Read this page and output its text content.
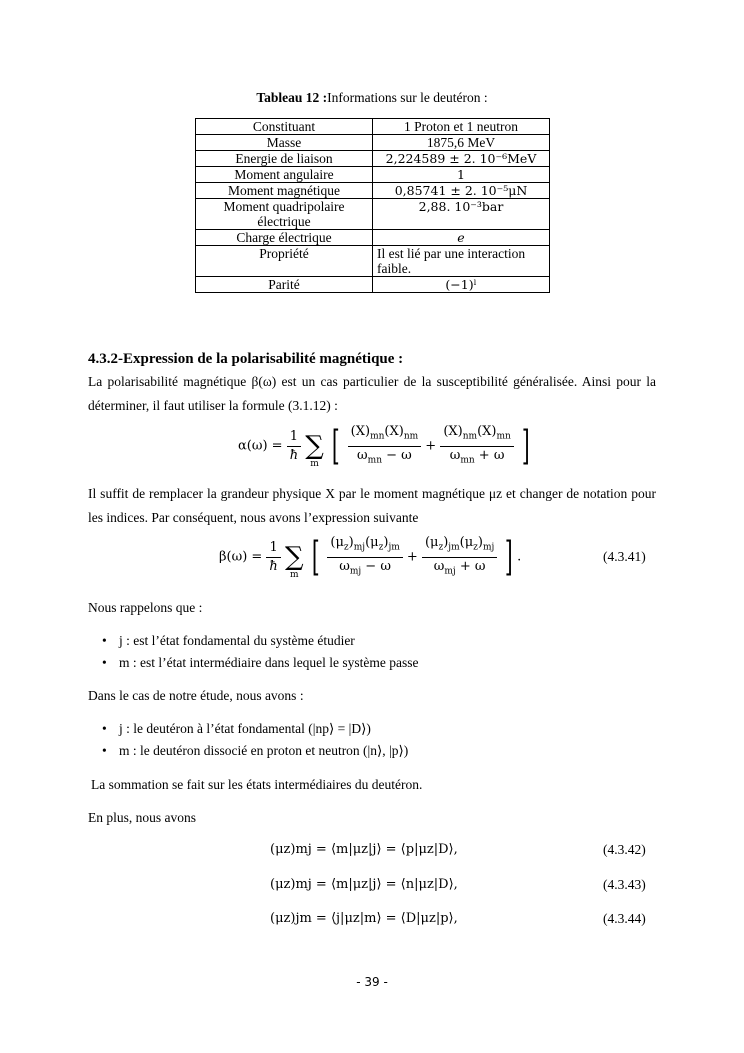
Tableau 12 :Informations sur le deutéron :
Constituant	1 Proton et 1 neutron
Masse	1875,6 MeV
Energie de liaison	2,224589 ± 2. 10⁻⁶MeV
Moment angulaire	1
Moment magnétique	0,85741 ± 2. 10⁻⁵μN
Moment quadripolaire électrique	2,88. 10⁻³bar
Charge électrique	e
Propriété	Il est lié par une interaction faible.
Parité	(−1)ˡ
4.3.2-Expression de la polarisabilité magnétique :
La polarisabilité magnétique β(ω) est un cas particulier de la susceptibilité généralisée. Ainsi pour la déterminer, il faut utiliser la formule (3.1.12) :
$\alpha(\omega) = \frac{1}{ħ}$ ∑
m [ $\frac{(X)_{mn}(X)_{nm}}{\omega_{mn} - \omega} + \frac{(X)_{nm}(X)_{mn}}{\omega_{mn} + \omega}$ ]
Il suffit de remplacer la grandeur physique X par le moment magnétique μz et changer de notation pour les indices. Par conséquent, nous avons l’expression suivante
$\beta(\omega) = \frac{1}{ħ}$ ∑
m [ $\frac{(\mu_z)_{mj}(\mu_z)_{jm}}{\omega_{mj} - \omega} + \frac{(\mu_z)_{jm}(\mu_z)_{mj}}{\omega_{mj} + \omega}$ ] .	(4.3.41)
Nous rappelons que :
• j : est l’état fondamental du système étudier
• m : est l’état intermédiaire dans lequel le système passe
Dans le cas de notre étude, nous avons :
• j : le deutéron à l’état fondamental (|np⟩ = |D⟩)
• m : le deutéron dissocié en proton et neutron (|n⟩, |p⟩)
La sommation se fait sur les états intermédiaires du deutéron.
En plus, nous avons
(μz)mj = ⟨m|μz|j⟩ = ⟨p|μz|D⟩,	(4.3.42)
(μz)mj = ⟨m|μz|j⟩ = ⟨n|μz|D⟩,	(4.3.43)
(μz)jm = ⟨j|μz|m⟩ = ⟨D|μz|p⟩,	(4.3.44)
- 39 -
